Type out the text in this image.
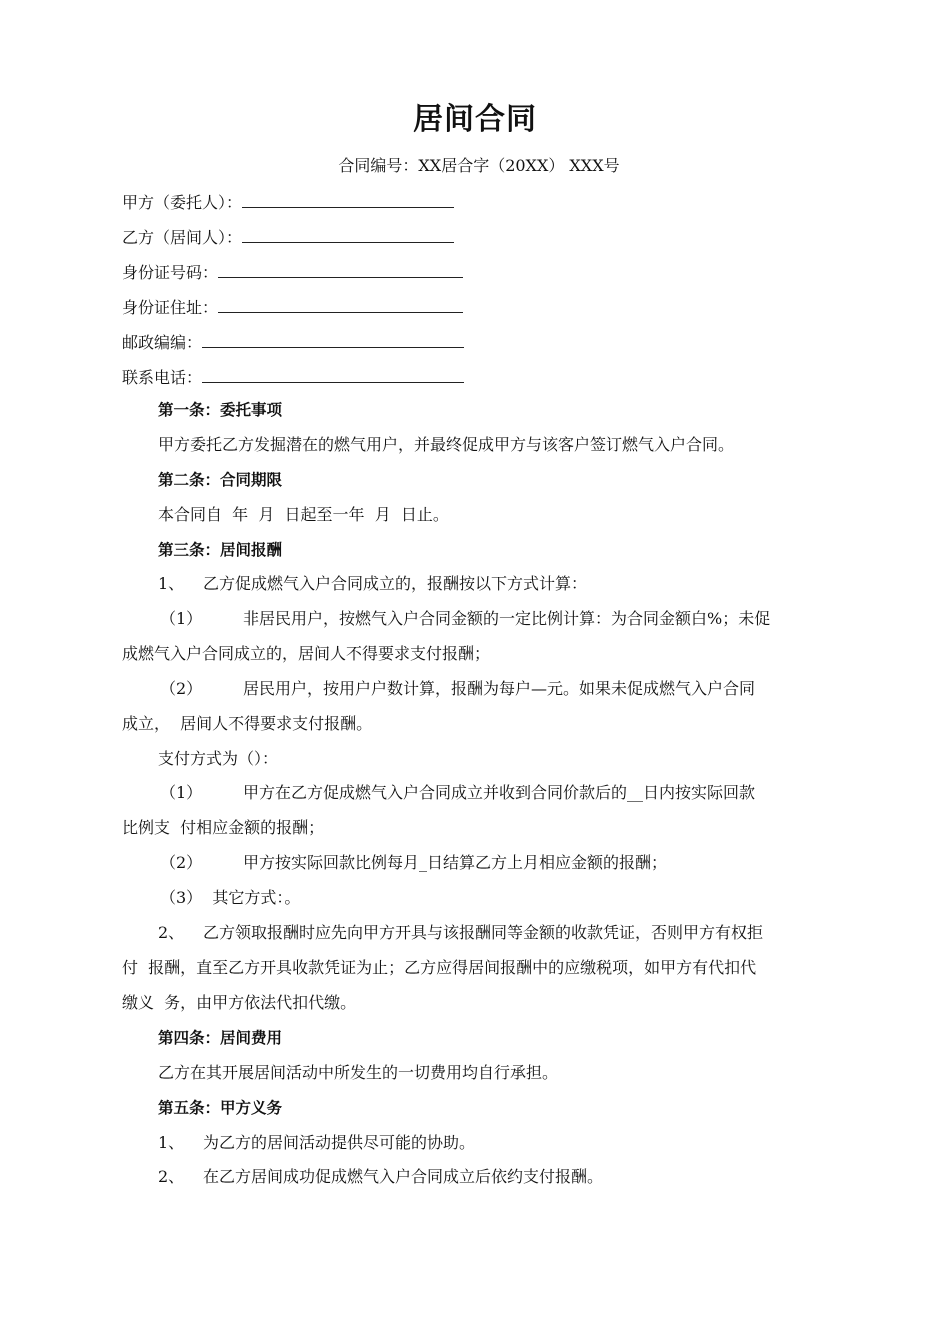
居间合同
合同编号：XX居合字（20XX） XXX号
甲方（委托人）：
乙方（居间人）：
身份证号码：
身份证住址：
邮政编编：
联系电话：
第一条：委托事项
甲方委托乙方发掘潜在的燃气用户，并最终促成甲方与该客户签订燃气入户合同。
第二条：合同期限
本合同自  年  月  日起至一年  月  日止。
第三条：居间报酬
1、 乙方促成燃气入户合同成立的，报酬按以下方式计算：
（1）	非居民用户，按燃气入户合同金额的一定比例计算：为合同金额白%；未促
成燃气入户合同成立的，居间人不得要求支付报酬；
（2）	居民用户，按用户户数计算，报酬为每户—元。如果未促成燃气入户合同
成立，  居间人不得要求支付报酬。
支付方式为（）：
（1）	甲方在乙方促成燃气入户合同成立并收到合同价款后的__日内按实际回款
比例支  付相应金额的报酬；
（2）	甲方按实际回款比例每月_日结算乙方上月相应金额的报酬；
（3）  其它方式：。
2、 乙方领取报酬时应先向甲方开具与该报酬同等金额的收款凭证，否则甲方有权拒
付  报酬，直至乙方开具收款凭证为止；乙方应得居间报酬中的应缴税项，如甲方有代扣代
缴义  务，由甲方依法代扣代缴。
第四条：居间费用
乙方在其开展居间活动中所发生的一切费用均自行承担。
第五条：甲方义务
1、 为乙方的居间活动提供尽可能的协助。
2、 在乙方居间成功促成燃气入户合同成立后依约支付报酬。
